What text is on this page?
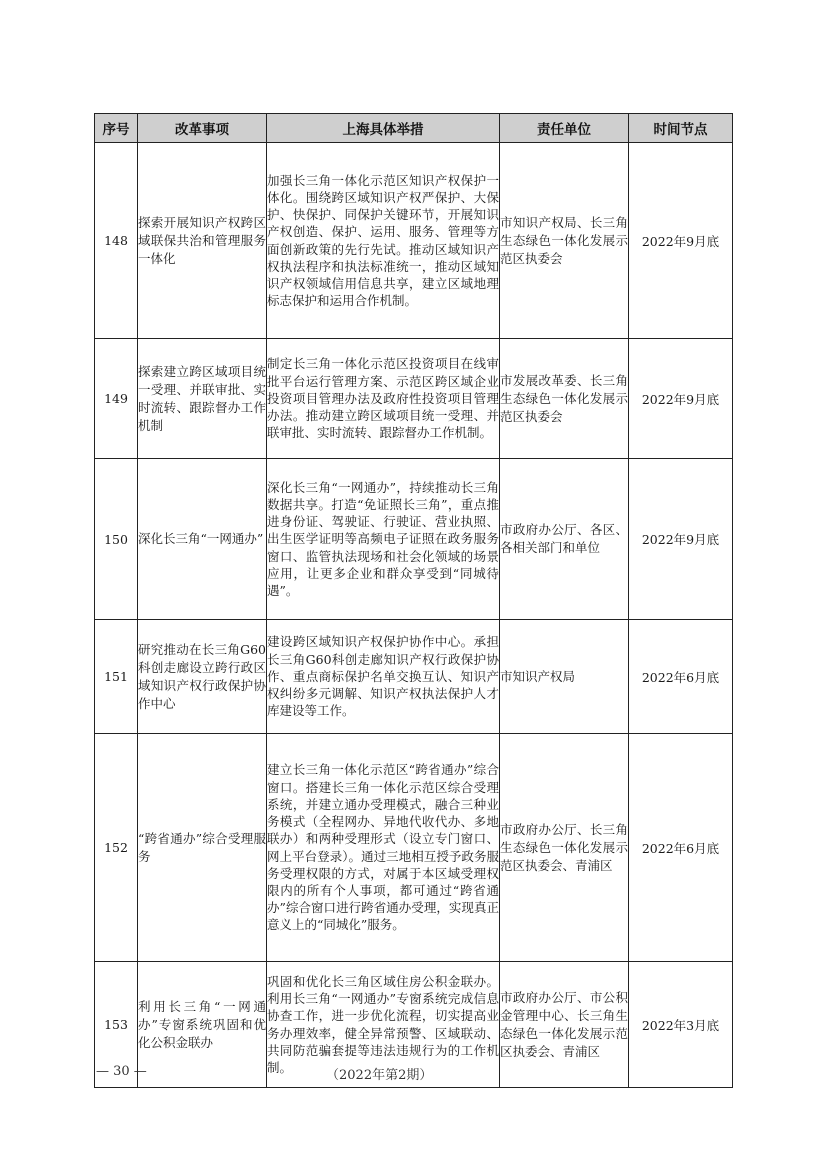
序号	改革事项	上海具体举措	责任单位	时间节点
148	探索开展知识产权跨区域联保共治和管理服务一体化	加强长三角一体化示范区知识产权保护一体化。围绕跨区域知识产权严保护、大保护、快保护、同保护关键环节，开展知识产权创造、保护、运用、服务、管理等方面创新政策的先行先试。推动区域知识产权执法程序和执法标准统一，推动区域知识产权领域信用信息共享，建立区域地理标志保护和运用合作机制。	市知识产权局、长三角生态绿色一体化发展示范区执委会	2022年9月底
149	探索建立跨区域项目统一受理、并联审批、实时流转、跟踪督办工作机制	制定长三角一体化示范区投资项目在线审批平台运行管理方案、示范区跨区域企业投资项目管理办法及政府性投资项目管理办法。推动建立跨区域项目统一受理、并联审批、实时流转、跟踪督办工作机制。	市发展改革委、长三角生态绿色一体化发展示范区执委会	2022年9月底
150	深化长三角“一网通办”	深化长三角“一网通办”，持续推动长三角数据共享。打造“免证照长三角”，重点推进身份证、驾驶证、行驶证、营业执照、出生医学证明等高频电子证照在政务服务窗口、监管执法现场和社会化领域的场景应用，让更多企业和群众享受到“同城待遇”。	市政府办公厅、各区、各相关部门和单位	2022年9月底
151	研究推动在长三角G60科创走廊设立跨行政区域知识产权行政保护协作中心	建设跨区域知识产权保护协作中心。承担长三角G60科创走廊知识产权行政保护协作、重点商标保护名单交换互认、知识产权纠纷多元调解、知识产权执法保护人才库建设等工作。	市知识产权局	2022年6月底
152	“跨省通办”综合受理服务	建立长三角一体化示范区“跨省通办”综合窗口。搭建长三角一体化示范区综合受理系统，并建立通办受理模式，融合三种业务模式（全程网办、异地代收代办、多地联办）和两种受理形式（设立专门窗口、网上平台登录）。通过三地相互授予政务服务受理权限的方式，对属于本区域受理权限内的所有个人事项，都可通过“跨省通办”综合窗口进行跨省通办受理，实现真正意义上的“同城化”服务。	市政府办公厅、长三角生态绿色一体化发展示范区执委会、青浦区	2022年6月底
153	利用长三角“一网通办”专窗系统巩固和优化公积金联办	巩固和优化长三角区域住房公积金联办。利用长三角“一网通办”专窗系统完成信息协查工作，进一步优化流程，切实提高业务办理效率，健全异常预警、区域联动、共同防范骗套提等违法违规行为的工作机制。	市政府办公厅、市公积金管理中心、长三角生态绿色一体化发展示范区执委会、青浦区	2022年3月底
— 30 —	（2022年第2期）
